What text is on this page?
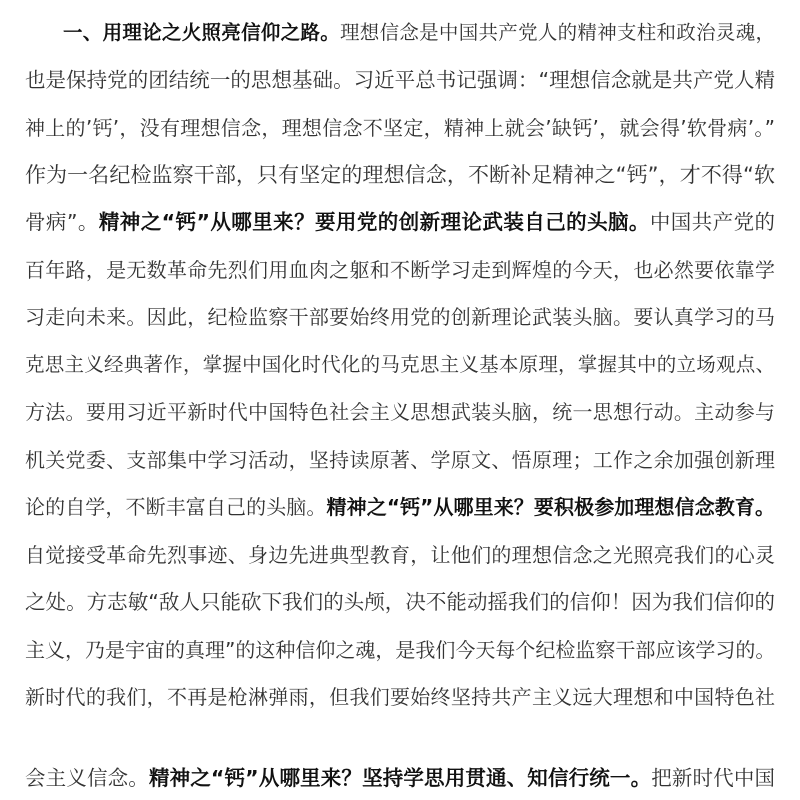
一、用理论之火照亮信仰之路。理想信念是中国共产党人的精神支柱和政治灵魂，
也是保持党的团结统一的思想基础。习近平总书记强调：“理想信念就是共产党人精
神上的’钙’，没有理想信念，理想信念不坚定，精神上就会’缺钙’，就会得’软骨病’。”
作为一名纪检监察干部，只有坚定的理想信念，不断补足精神之“钙”，才不得“软
骨病”。精神之“钙”从哪里来？要用党的创新理论武装自己的头脑。中国共产党的
百年路，是无数革命先烈们用血肉之躯和不断学习走到辉煌的今天，也必然要依靠学
习走向未来。因此，纪检监察干部要始终用党的创新理论武装头脑。要认真学习的马
克思主义经典著作，掌握中国化时代化的马克思主义基本原理，掌握其中的立场观点、
方法。要用习近平新时代中国特色社会主义思想武装头脑，统一思想行动。主动参与
机关党委、支部集中学习活动，坚持读原著、学原文、悟原理；工作之余加强创新理
论的自学，不断丰富自己的头脑。精神之“钙”从哪里来？要积极参加理想信念教育。
自觉接受革命先烈事迹、身边先进典型教育，让他们的理想信念之光照亮我们的心灵
之处。方志敏“敌人只能砍下我们的头颅，决不能动摇我们的信仰！因为我们信仰的
主义，乃是宇宙的真理”的这种信仰之魂，是我们今天每个纪检监察干部应该学习的。
新时代的我们，不再是枪淋弹雨，但我们要始终坚持共产主义远大理想和中国特色社
会主义信念。精神之“钙”从哪里来？坚持学思用贯通、知信行统一。把新时代中国
